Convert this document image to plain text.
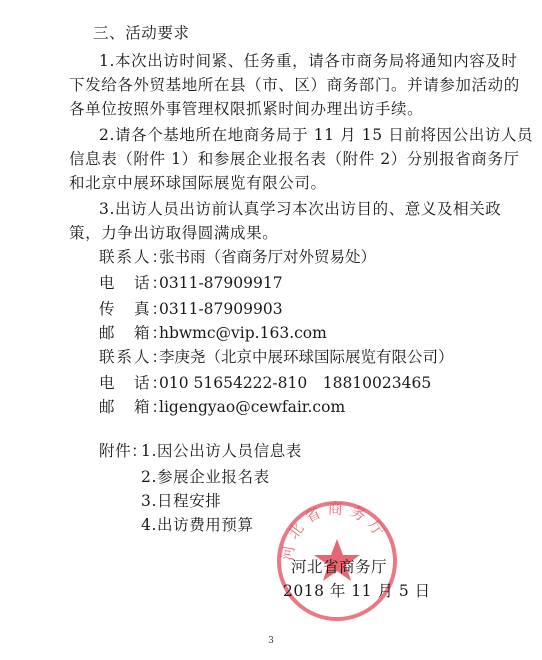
三、活动要求
1.本次出访时间紧、任务重，请各市商务局将通知内容及时
下发给各外贸基地所在县（市、区）商务部门。并请参加活动的
各单位按照外事管理权限抓紧时间办理出访手续。
2.请各个基地所在地商务局于 11 月 15 日前将因公出访人员
信息表（附件 1）和参展企业报名表（附件 2）分别报省商务厅
和北京中展环球国际展览有限公司。
3.出访人员出访前认真学习本次出访目的、意义及相关政
策，力争出访取得圆满成果。
联系人：
张书雨（省商务厅对外贸易处）
电　话：
0311-87909917
传　真：
0311-87909903
邮　箱：
hbwmc@vip.163.com
联系人：
李庚尧（北京中展环球国际展览有限公司）
电　话：
010 51654222-810　18810023465
邮　箱：
ligengyao@cewfair.com
附件：
1.因公出访人员信息表
2.参展企业报名表
3.日程安排
4.出访费用预算
河北省商务厅
河北省商务厅
2018 年 11 月 5 日
3
